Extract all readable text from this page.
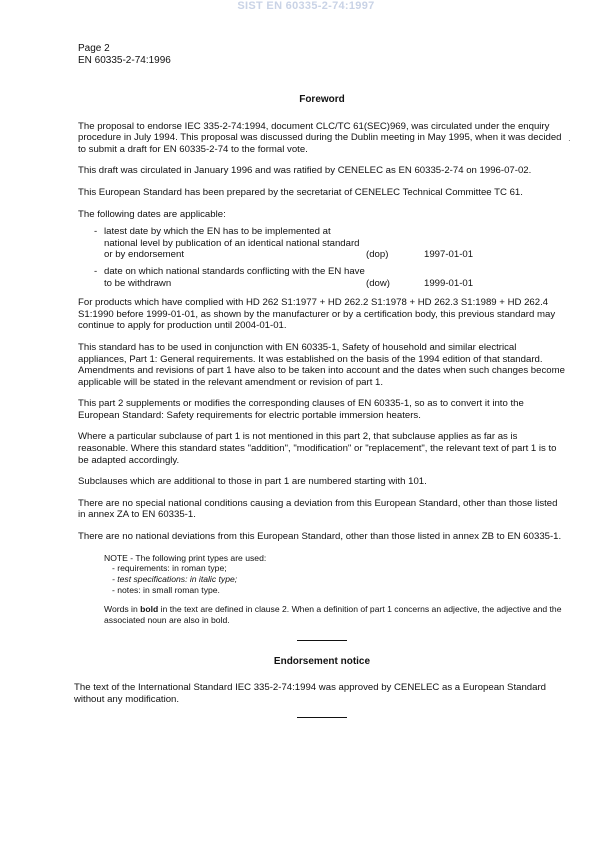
SIST EN 60335-2-74:1997
Page 2
EN 60335-2-74:1996
Foreword

The proposal to endorse IEC 335-2-74:1994, document CLC/TC 61(SEC)969, was circulated under the enquiry procedure in July 1994. This proposal was discussed during the Dublin meeting in May 1995, when it was decided to submit a draft for EN 60335-2-74 to the formal vote.

This draft was circulated in January 1996 and was ratified by CENELEC as EN 60335-2-74 on 1996-07-02.

This European Standard has been prepared by the secretariat of CENELEC Technical Committee TC 61.

The following dates are applicable:

- latest date by which the EN has to be implemented at national level by publication of an identical national standard or by endorsement	(dop)	1997-01-01
- date on which national standards conflicting with the EN have to be withdrawn	(dow)	1999-01-01

For products which have complied with HD 262 S1:1977 + HD 262.2 S1:1978 + HD 262.3 S1:1989 + HD 262.4 S1:1990 before 1999-01-01, as shown by the manufacturer or by a certification body, this previous standard may continue to apply for production until 2004-01-01.

This standard has to be used in conjunction with EN 60335-1, Safety of household and similar electrical appliances, Part 1: General requirements. It was established on the basis of the 1994 edition of that standard. Amendments and revisions of part 1 have also to be taken into account and the dates when such changes become applicable will be stated in the relevant amendment or revision of part 1.

This part 2 supplements or modifies the corresponding clauses of EN 60335-1, so as to convert it into the European Standard: Safety requirements for electric portable immersion heaters.

Where a particular subclause of part 1 is not mentioned in this part 2, that subclause applies as far as is reasonable. Where this standard states "addition", "modification" or "replacement", the relevant text of part 1 is to be adapted accordingly.

Subclauses which are additional to those in part 1 are numbered starting with 101.

There are no special national conditions causing a deviation from this European Standard, other than those listed in annex ZA to EN 60335-1.

There are no national deviations from this European Standard, other than those listed in annex ZB to EN 60335-1.

NOTE - The following print types are used:
- requirements: in roman type;
- test specifications: in italic type;
- notes: in small roman type.
Words in bold in the text are defined in clause 2. When a definition of part 1 concerns an adjective, the adjective and the associated noun are also in bold.
Endorsement notice

The text of the International Standard IEC 335-2-74:1994 was approved by CENELEC as a European Standard without any modification.

·
